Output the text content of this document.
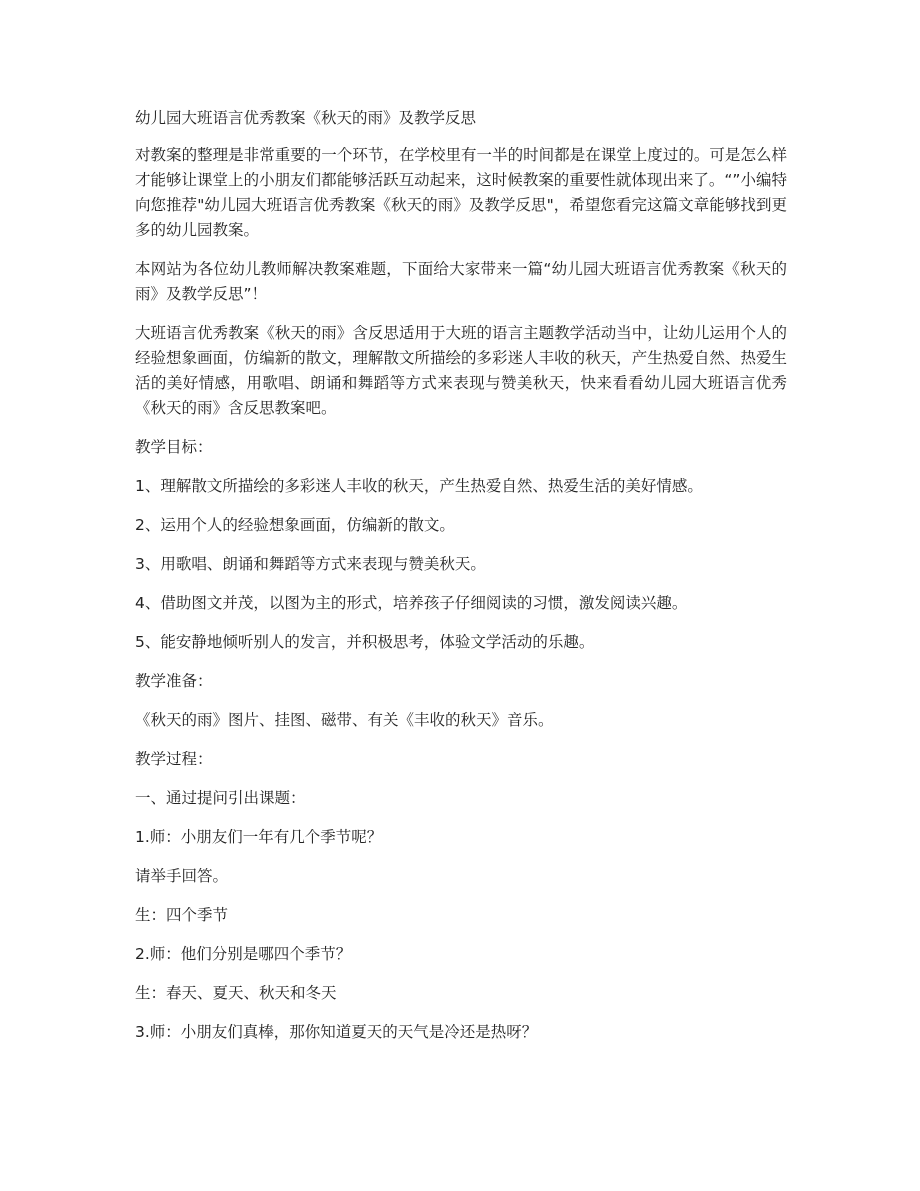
幼儿园大班语言优秀教案《秋天的雨》及教学反思
对教案的整理是非常重要的一个环节，在学校里有一半的时间都是在课堂上度过的。可是怎么样才能够让课堂上的小朋友们都能够活跃互动起来，这时候教案的重要性就体现出来了。“”小编特向您推荐"幼儿园大班语言优秀教案《秋天的雨》及教学反思"，希望您看完这篇文章能够找到更多的幼儿园教案。
本网站为各位幼儿教师解决教案难题，下面给大家带来一篇“幼儿园大班语言优秀教案《秋天的雨》及教学反思”！
大班语言优秀教案《秋天的雨》含反思适用于大班的语言主题教学活动当中，让幼儿运用个人的经验想象画面，仿编新的散文，理解散文所描绘的多彩迷人丰收的秋天，产生热爱自然、热爱生活的美好情感，用歌唱、朗诵和舞蹈等方式来表现与赞美秋天，快来看看幼儿园大班语言优秀《秋天的雨》含反思教案吧。
教学目标：
1、理解散文所描绘的多彩迷人丰收的秋天，产生热爱自然、热爱生活的美好情感。
2、运用个人的经验想象画面，仿编新的散文。
3、用歌唱、朗诵和舞蹈等方式来表现与赞美秋天。
4、借助图文并茂，以图为主的形式，培养孩子仔细阅读的习惯，激发阅读兴趣。
5、能安静地倾听别人的发言，并积极思考，体验文学活动的乐趣。
教学准备：
《秋天的雨》图片、挂图、磁带、有关《丰收的秋天》音乐。
教学过程：
一、通过提问引出课题：
1.师：小朋友们一年有几个季节呢？
请举手回答。
生：四个季节
2.师：他们分别是哪四个季节？
生：春天、夏天、秋天和冬天
3.师：小朋友们真棒，那你知道夏天的天气是冷还是热呀？
